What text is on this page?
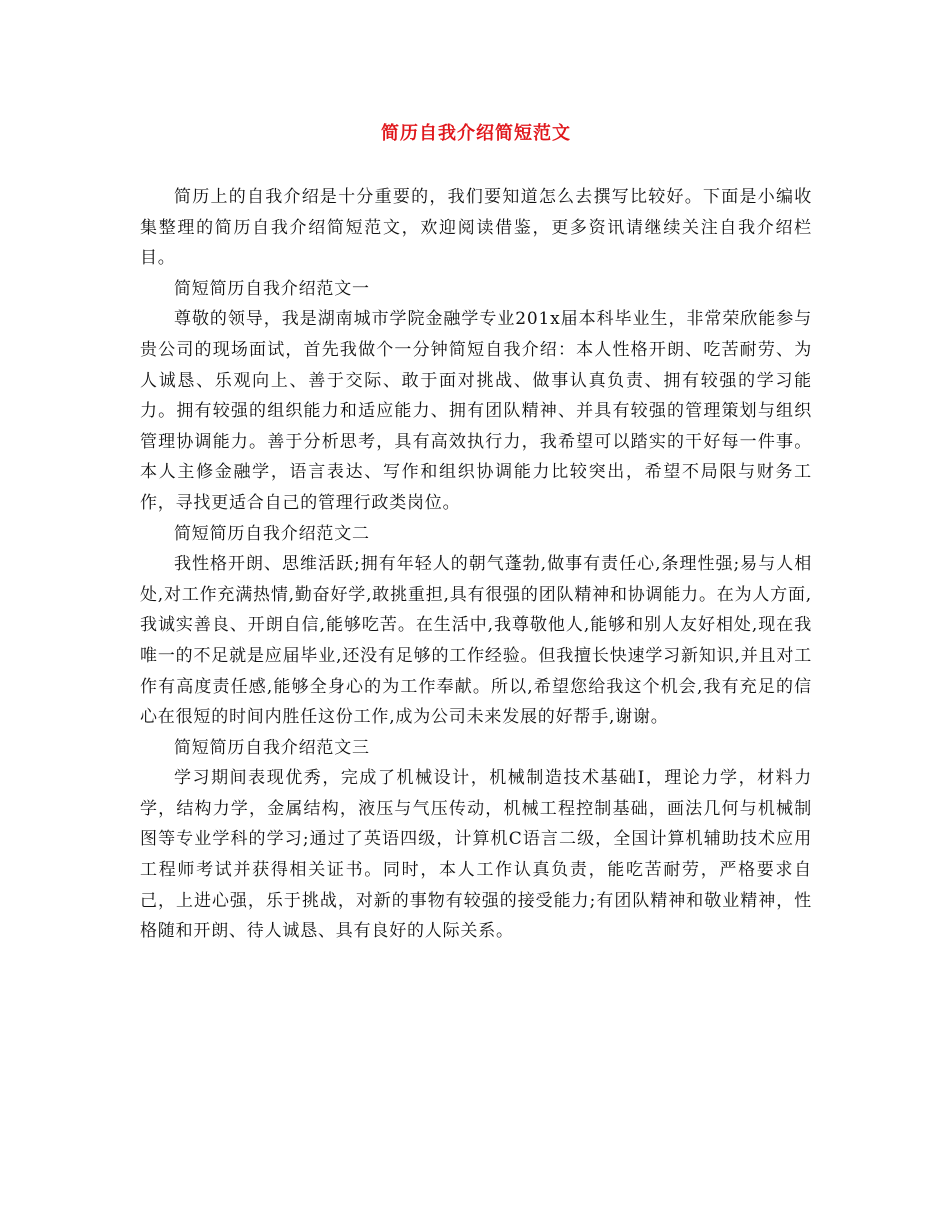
简历自我介绍简短范文

简历上的自我介绍是十分重要的，我们要知道怎么去撰写比较好。下面是小编收集整理的简历自我介绍简短范文，欢迎阅读借鉴，更多资讯请继续关注自我介绍栏目。

简短简历自我介绍范文一

尊敬的领导，我是湖南城市学院金融学专业201x届本科毕业生，非常荣欣能参与贵公司的现场面试，首先我做个一分钟简短自我介绍：本人性格开朗、吃苦耐劳、为人诚恳、乐观向上、善于交际、敢于面对挑战、做事认真负责、拥有较强的学习能力。拥有较强的组织能力和适应能力、拥有团队精神、并具有较强的管理策划与组织管理协调能力。善于分析思考，具有高效执行力，我希望可以踏实的干好每一件事。本人主修金融学，语言表达、写作和组织协调能力比较突出，希望不局限与财务工作，寻找更适合自己的管理行政类岗位。

简短简历自我介绍范文二

我性格开朗、思维活跃;拥有年轻人的朝气蓬勃,做事有责任心,条理性强;易与人相处,对工作充满热情,勤奋好学,敢挑重担,具有很强的团队精神和协调能力。在为人方面,我诚实善良、开朗自信,能够吃苦。在生活中,我尊敬他人,能够和别人友好相处,现在我唯一的不足就是应届毕业,还没有足够的工作经验。但我擅长快速学习新知识,并且对工作有高度责任感,能够全身心的为工作奉献。所以,希望您给我这个机会,我有充足的信心在很短的时间内胜任这份工作,成为公司未来发展的好帮手,谢谢。

简短简历自我介绍范文三

学习期间表现优秀，完成了机械设计，机械制造技术基础Ⅰ，理论力学，材料力学，结构力学，金属结构，液压与气压传动，机械工程控制基础，画法几何与机械制图等专业学科的学习;通过了英语四级，计算机C语言二级，全国计算机辅助技术应用工程师考试并获得相关证书。同时，本人工作认真负责，能吃苦耐劳，严格要求自己，上进心强，乐于挑战，对新的事物有较强的接受能力;有团队精神和敬业精神，性格随和开朗、待人诚恳、具有良好的人际关系。
